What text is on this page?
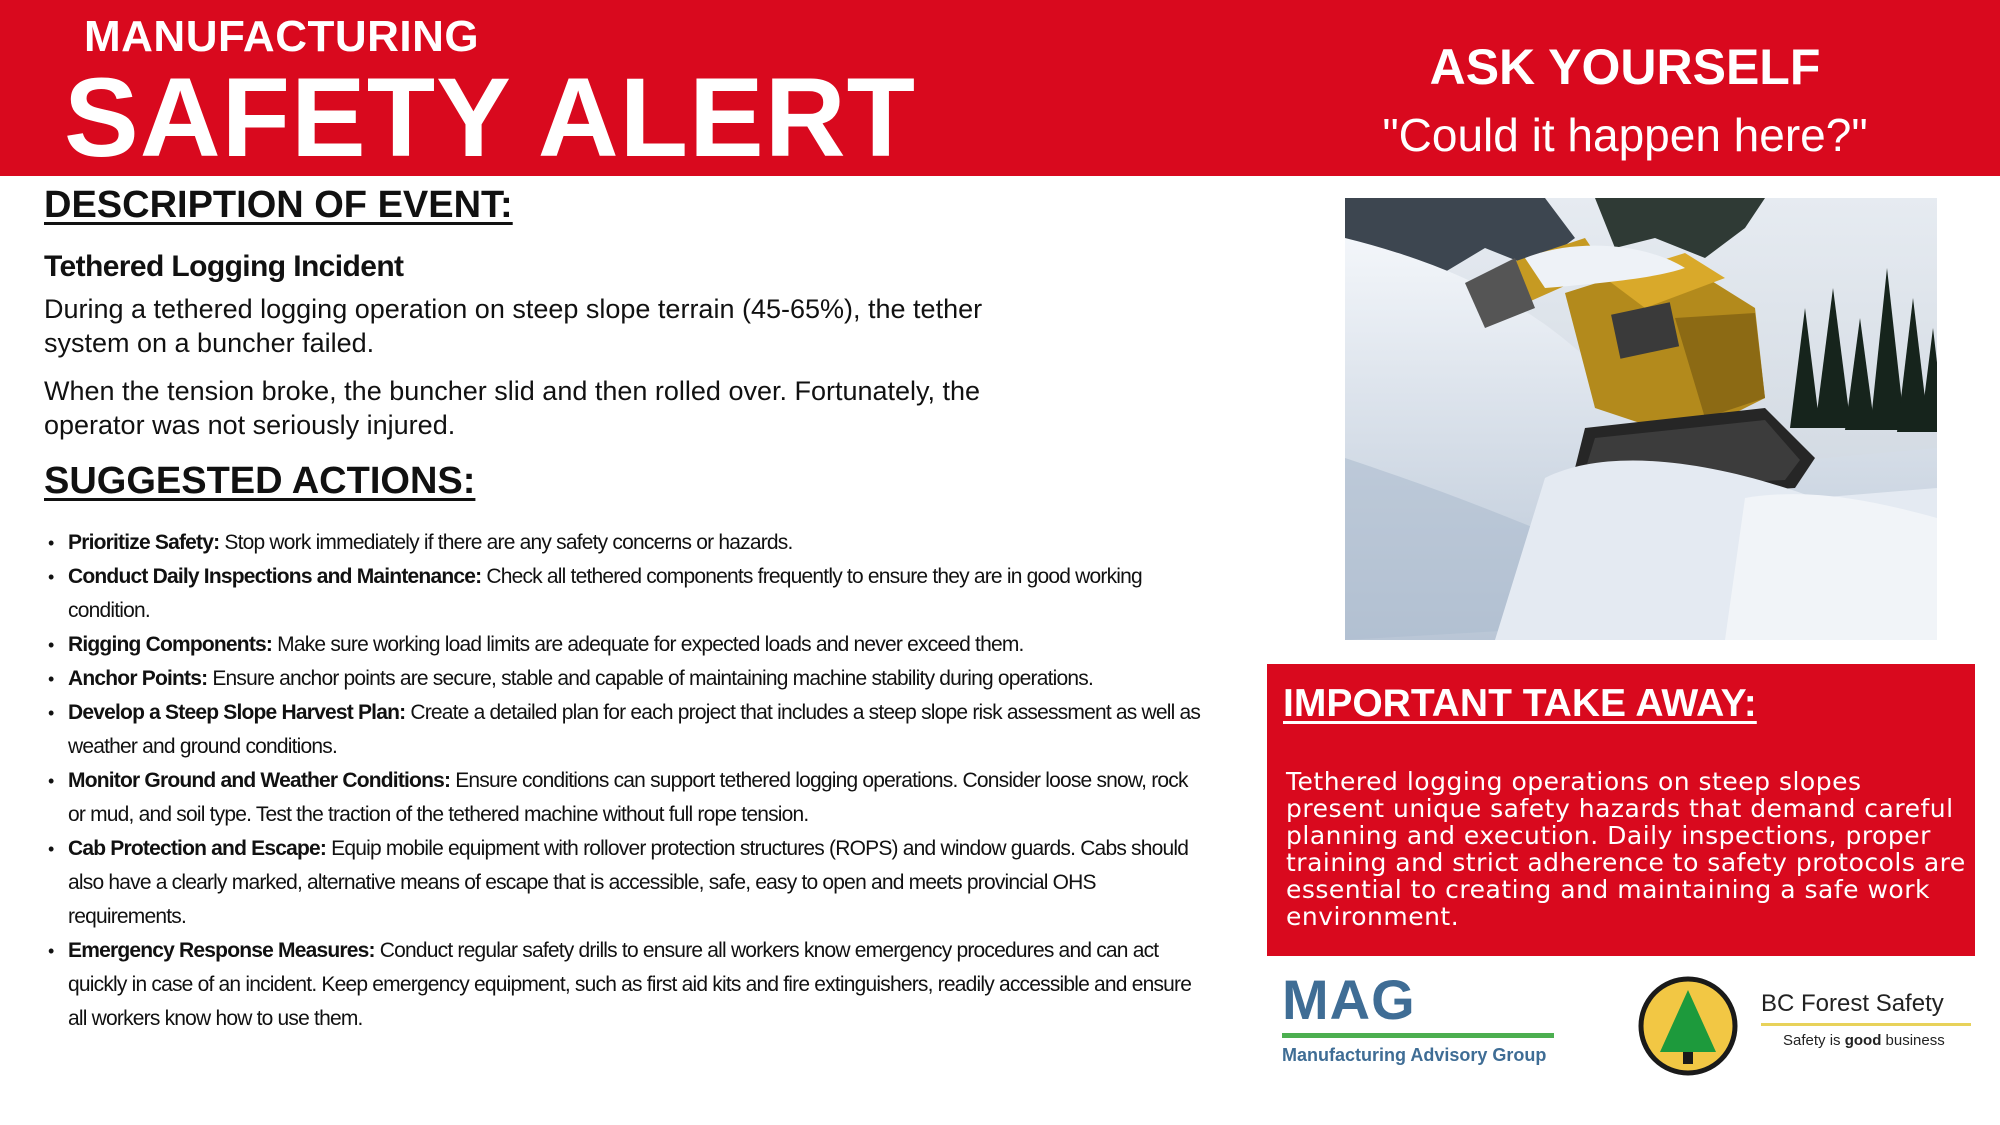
MANUFACTURING
SAFETY ALERT	ASK YOURSELF
"Could it happen here?"
DESCRIPTION OF EVENT:
Tethered Logging Incident

During a tethered logging operation on steep slope terrain (45-65%), the tether system on a buncher failed.

When the tension broke, the buncher slid and then rolled over. Fortunately, the operator was not seriously injured.

SUGGESTED ACTIONS:
• Prioritize Safety: Stop work immediately if there are any safety concerns or hazards.
• Conduct Daily Inspections and Maintenance: Check all tethered components frequently to ensure they are in good working condition.
• Rigging Components: Make sure working load limits are adequate for expected loads and never exceed them.
• Anchor Points: Ensure anchor points are secure, stable and capable of maintaining machine stability during operations.
• Develop a Steep Slope Harvest Plan: Create a detailed plan for each project that includes a steep slope risk assessment as well as weather and ground conditions.
• Monitor Ground and Weather Conditions: Ensure conditions can support tethered logging operations. Consider loose snow, rock or mud, and soil type. Test the traction of the tethered machine without full rope tension.
• Cab Protection and Escape: Equip mobile equipment with rollover protection structures (ROPS) and window guards. Cabs should also have a clearly marked, alternative means of escape that is accessible, safe, easy to open and meets provincial OHS requirements.
• Emergency Response Measures: Conduct regular safety drills to ensure all workers know emergency procedures and can act quickly in case of an incident. Keep emergency equipment, such as first aid kits and fire extinguishers, readily accessible and ensure all workers know how to use them.
IMPORTANT TAKE AWAY:

Tethered logging operations on steep slopes present unique safety hazards that demand careful planning and execution. Daily inspections, proper training and strict adherence to safety protocols are essential to creating and maintaining a safe work environment.

MAG
Manufacturing Advisory Group
BC Forest Safety
Safety is good business
